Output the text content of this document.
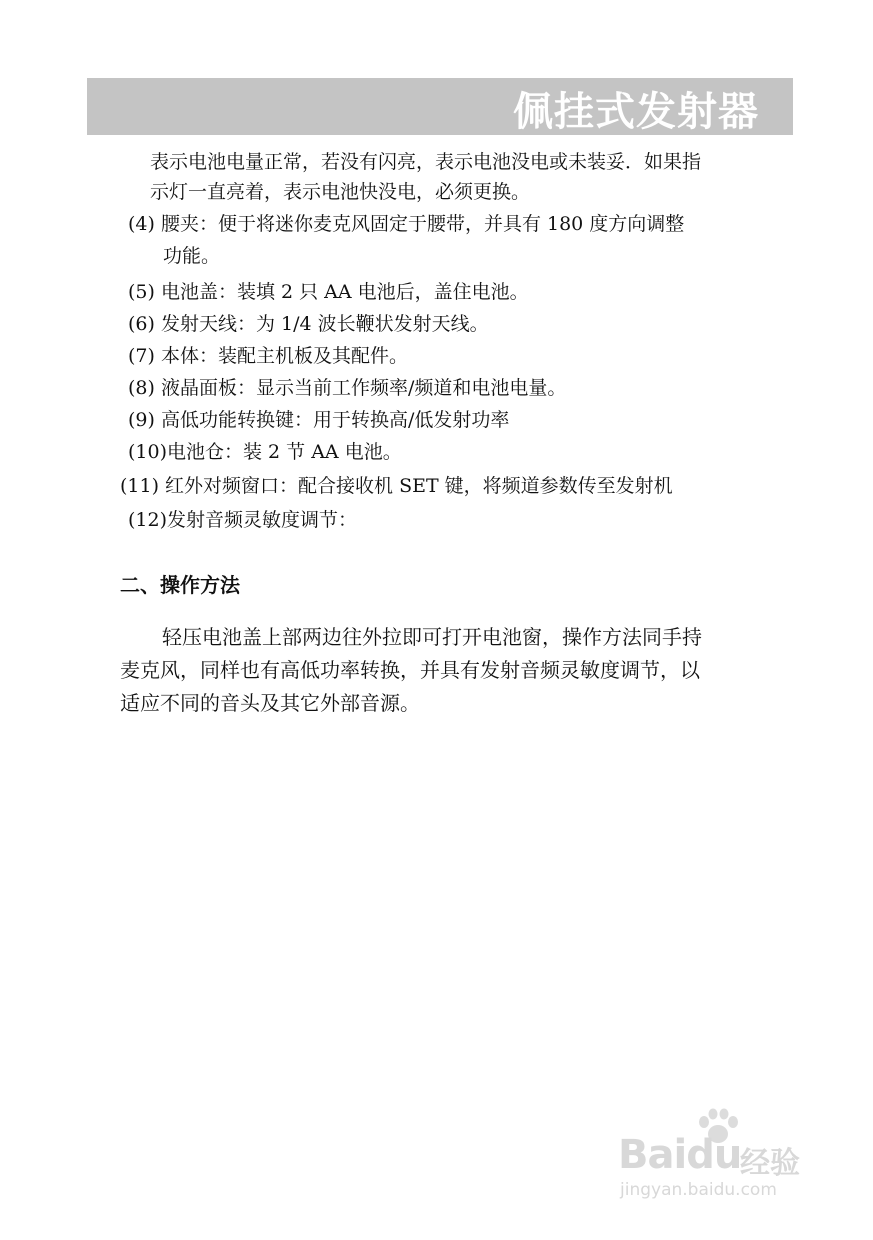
佩挂式发射器
表示电池电量正常，若没有闪亮，表示电池没电或未装妥．如果指
示灯一直亮着，表示电池快没电，必须更换。
(4) 腰夹：便于将迷你麦克风固定于腰带，并具有 180 度方向调整
功能。
(5) 电池盖：装填 2 只 AA 电池后，盖住电池。
(6) 发射天线：为 1/4 波长鞭状发射天线。
(7) 本体：装配主机板及其配件。
(8) 液晶面板：显示当前工作频率/频道和电池电量。
(9) 高低功能转换键：用于转换高/低发射功率
(10)电池仓：装 2 节 AA 电池。
(11) 红外对频窗口：配合接收机 SET 键，将频道参数传至发射机
(12)发射音频灵敏度调节：
二、操作方法
轻压电池盖上部两边往外拉即可打开电池窗，操作方法同手持
麦克风，同样也有高低功率转换，并具有发射音频灵敏度调节，以
适应不同的音头及其它外部音源。
Baidu
经验
jingyan.baidu.com
